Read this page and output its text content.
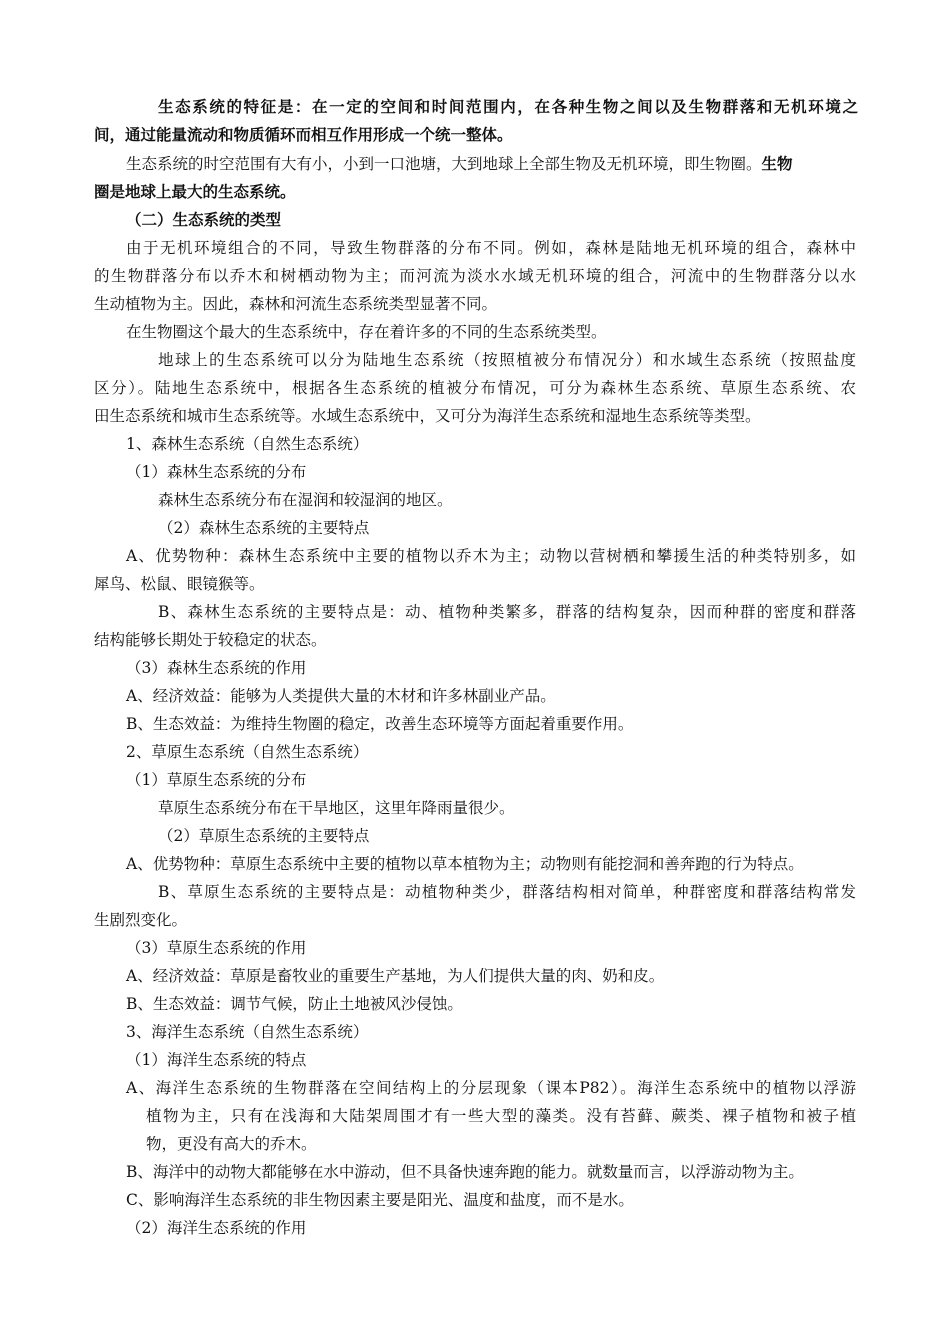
生态系统的特征是：在一定的空间和时间范围内，在各种生物之间以及生物群落和无机环境之
间，通过能量流动和物质循环而相互作用形成一个统一整体。
生态系统的时空范围有大有小，小到一口池塘，大到地球上全部生物及无机环境，即生物圈。生物
圈是地球上最大的生态系统。
（二）生态系统的类型
由于无机环境组合的不同，导致生物群落的分布不同。例如，森林是陆地无机环境的组合，森林中
的生物群落分布以乔木和树栖动物为主；而河流为淡水水域无机环境的组合，河流中的生物群落分以水
生动植物为主。因此，森林和河流生态系统类型显著不同。
在生物圈这个最大的生态系统中，存在着许多的不同的生态系统类型。
地球上的生态系统可以分为陆地生态系统（按照植被分布情况分）和水域生态系统（按照盐度
区分）。陆地生态系统中，根据各生态系统的植被分布情况，可分为森林生态系统、草原生态系统、农
田生态系统和城市生态系统等。水域生态系统中，又可分为海洋生态系统和湿地生态系统等类型。
1、森林生态系统（自然生态系统）
（1）森林生态系统的分布
森林生态系统分布在湿润和较湿润的地区。
（2）森林生态系统的主要特点
A、优势物种：森林生态系统中主要的植物以乔木为主；动物以营树栖和攀援生活的种类特别多，如
犀鸟、松鼠、眼镜猴等。
B、森林生态系统的主要特点是：动、植物种类繁多，群落的结构复杂，因而种群的密度和群落
结构能够长期处于较稳定的状态。
（3）森林生态系统的作用
A、经济效益：能够为人类提供大量的木材和许多林副业产品。
B、生态效益：为维持生物圈的稳定，改善生态环境等方面起着重要作用。
2、草原生态系统（自然生态系统）
（1）草原生态系统的分布
草原生态系统分布在干旱地区，这里年降雨量很少。
（2）草原生态系统的主要特点
A、优势物种：草原生态系统中主要的植物以草本植物为主；动物则有能挖洞和善奔跑的行为特点。
B、草原生态系统的主要特点是：动植物种类少，群落结构相对简单，种群密度和群落结构常发
生剧烈变化。
（3）草原生态系统的作用
A、经济效益：草原是畜牧业的重要生产基地，为人们提供大量的肉、奶和皮。
B、生态效益：调节气候，防止土地被风沙侵蚀。
3、海洋生态系统（自然生态系统）
（1）海洋生态系统的特点
A、海洋生态系统的生物群落在空间结构上的分层现象（课本P82）。海洋生态系统中的植物以浮游
植物为主，只有在浅海和大陆架周围才有一些大型的藻类。没有苔藓、蕨类、裸子植物和被子植
物，更没有高大的乔木。
B、海洋中的动物大都能够在水中游动，但不具备快速奔跑的能力。就数量而言，以浮游动物为主。
C、影响海洋生态系统的非生物因素主要是阳光、温度和盐度，而不是水。
（2）海洋生态系统的作用
